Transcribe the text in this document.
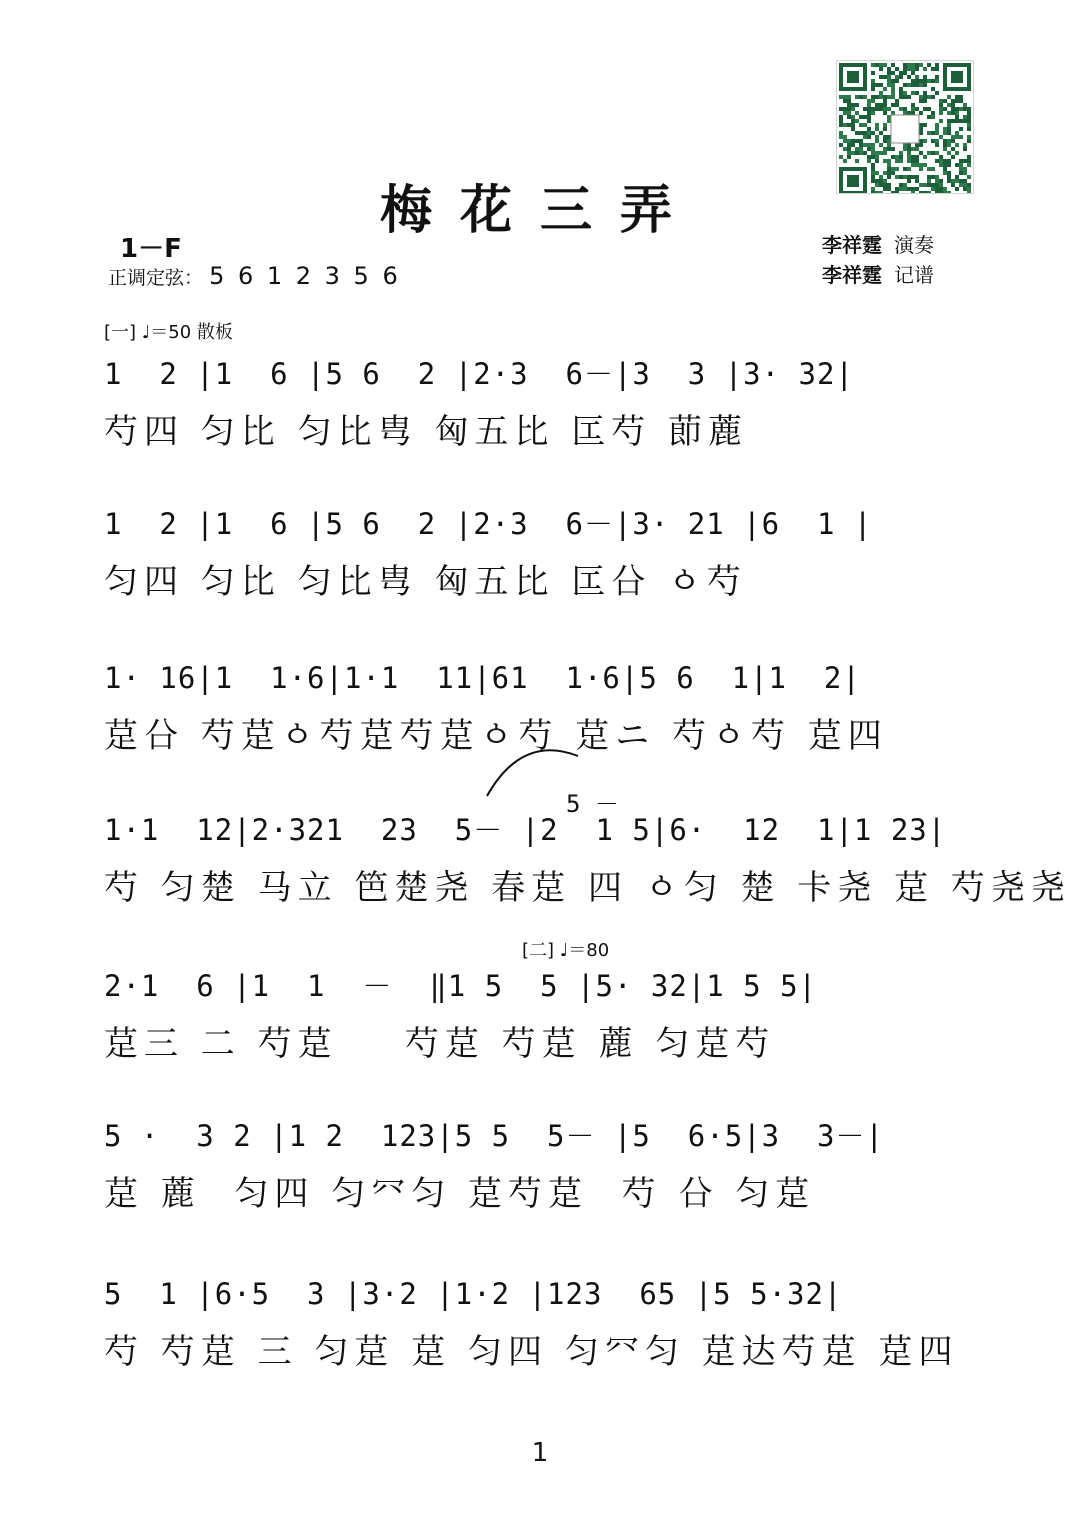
梅花三弄
1－F
正调定弦： 5 6 1 2 3 5 6
李祥霆 演奏
李祥霆 记谱
[一] ♩＝50 散板
1  2 |1  6 |5 6  2 |2·3  6－|3  3 |3· 32|
芍四 匀比 匀比㽕 匈五比 匞芍 莭蔍
1  2 |1  6 |5 6  2 |2·3  6－|3· 21 |6  1 |
匀四 匀比 匀比㽕 匈五比 匞㕣 ㆁ芍
1· 16|1  1·6|1·1  11|61  1·6|5 6  1|1  2|
莡㕣 芍莡ㆁ芍莡芍莡ㆁ芍 莡ニ 芍ㆁ芍 莡四
5 －
1·1  12|2·321  23  5－ |2  1 5|6·  12  1|1 23|
芍 匀楚 马立 笆楚尧 春莡 四 ㆁ匀 楚 卡尧 莡 芍尧尧
[二] ♩＝80
2·1  6 |1  1  －  ‖1 5  5 |5· 32|1 5 5|
莡三 二 芍莡    芍莡 芍莡 蔍 匀莡芍
5 ·  3 2 |1 2  123|5 5  5－ |5  6·5|3  3－|
莡 蔍  匀四 匀㓁匀 莡芍莡  芍 㕣 匀莡
5  1 |6·5  3 |3·2 |1·2 |123  65 |5 5·32|
芍 芍莡 三 匀莡 莡 匀四 匀㓁匀 莡达芍莡 莡四
1
